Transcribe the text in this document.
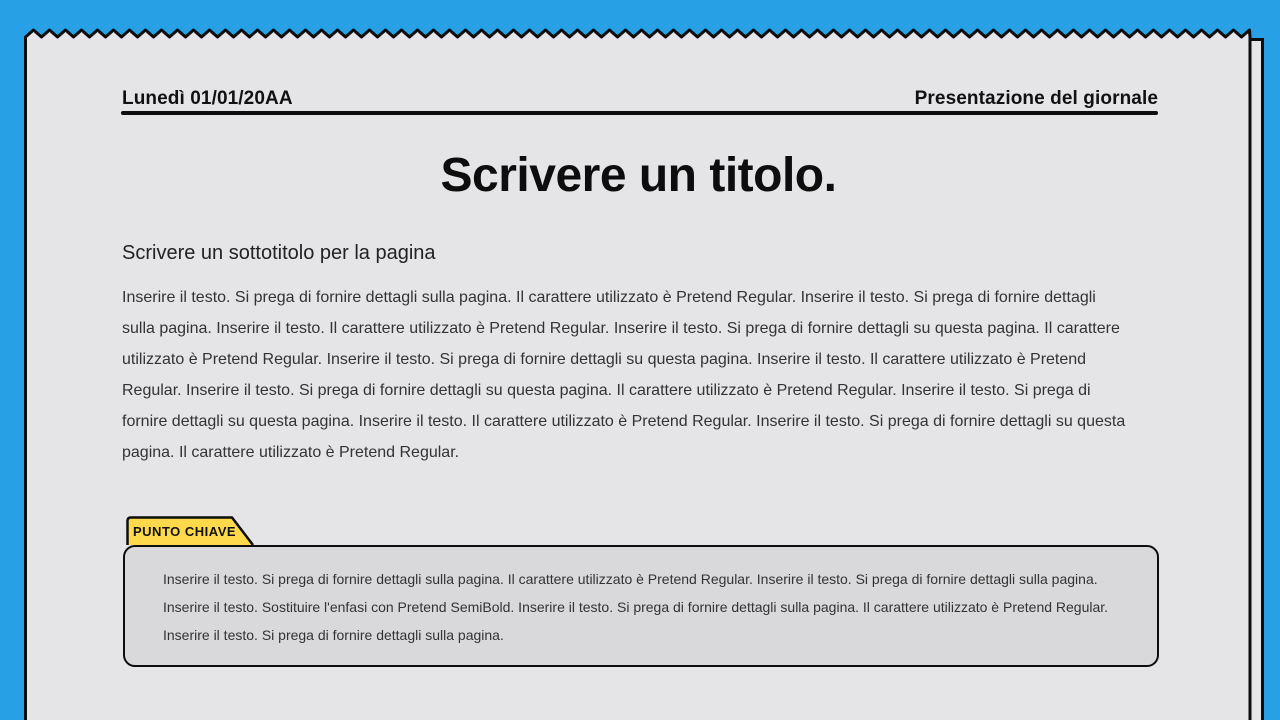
Lunedì 01/01/20AA	Presentazione del giornale
Scrivere un titolo.
Scrivere un sottotitolo per la pagina
Inserire il testo. Si prega di fornire dettagli sulla pagina. Il carattere utilizzato è Pretend Regular. Inserire il testo. Si prega di fornire dettagli sulla pagina. Inserire il testo. Il carattere utilizzato è Pretend Regular. Inserire il testo. Si prega di fornire dettagli su questa pagina. Il carattere utilizzato è Pretend Regular. Inserire il testo. Si prega di fornire dettagli su questa pagina. Inserire il testo. Il carattere utilizzato è Pretend Regular. Inserire il testo. Si prega di fornire dettagli su questa pagina. Il carattere utilizzato è Pretend Regular. Inserire il testo. Si prega di fornire dettagli su questa pagina. Inserire il testo. Il carattere utilizzato è Pretend Regular. Inserire il testo. Si prega di fornire dettagli su questa pagina. Il carattere utilizzato è Pretend Regular.
PUNTO CHIAVE
Inserire il testo. Si prega di fornire dettagli sulla pagina. Il carattere utilizzato è Pretend Regular. Inserire il testo. Si prega di fornire dettagli sulla pagina. Inserire il testo. Sostituire l'enfasi con Pretend SemiBold. Inserire il testo. Si prega di fornire dettagli sulla pagina. Il carattere utilizzato è Pretend Regular. Inserire il testo. Si prega di fornire dettagli sulla pagina.
